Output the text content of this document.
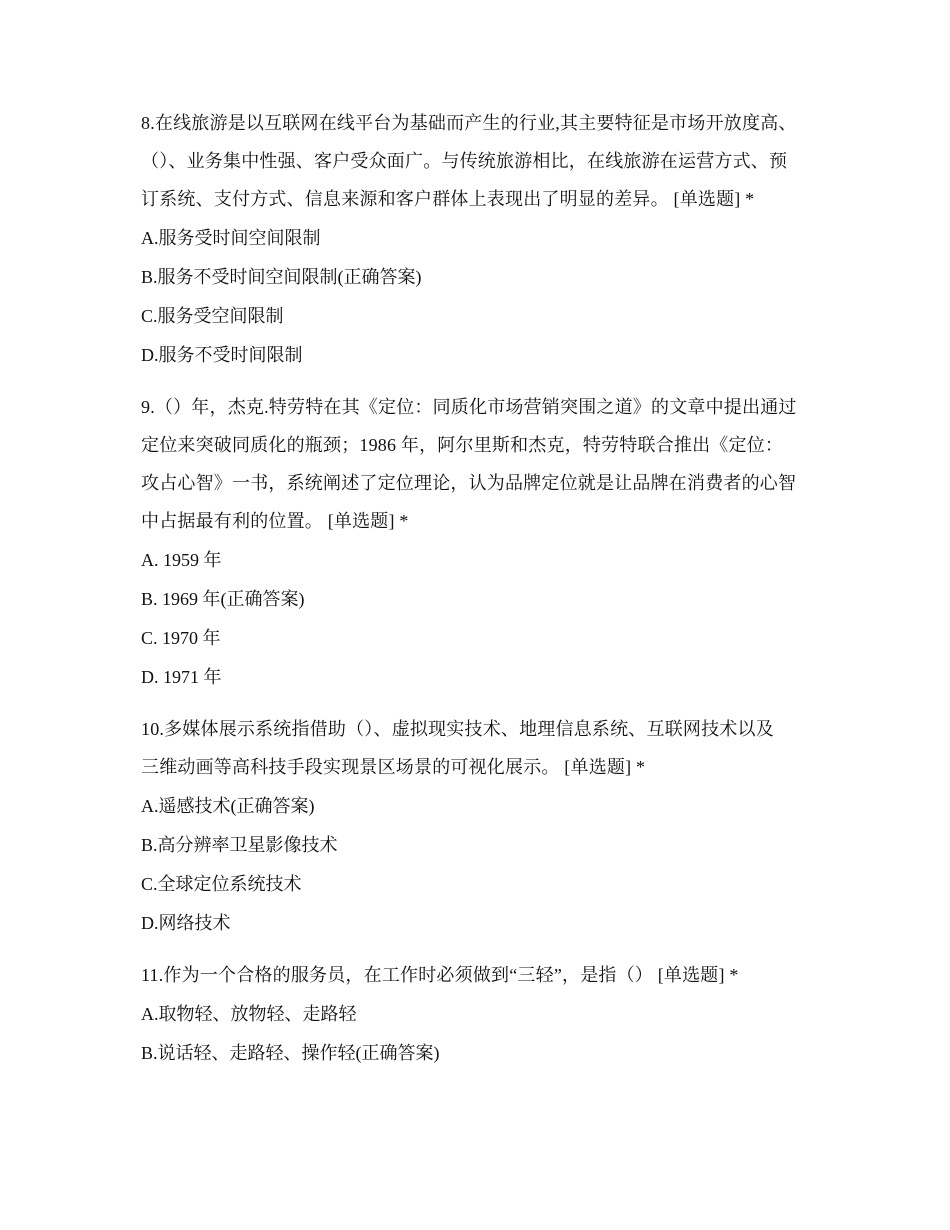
8.在线旅游是以互联网在线平台为基础而产生的行业,其主要特征是市场开放度高、
（）、业务集中性强、客户受众面广。与传统旅游相比，在线旅游在运营方式、预
订系统、支付方式、信息来源和客户群体上表现出了明显的差异。 [单选题] *
A.服务受时间空间限制
B.服务不受时间空间限制(正确答案)
C.服务受空间限制
D.服务不受时间限制
9.（）年，杰克.特劳特在其《定位：同质化市场营销突围之道》的文章中提出通过
定位来突破同质化的瓶颈；1986 年，阿尔里斯和杰克，特劳特联合推出《定位：
攻占心智》一书，系统阐述了定位理论，认为品牌定位就是让品牌在消费者的心智
中占据最有利的位置。 [单选题] *
A. 1959 年
B. 1969 年(正确答案)
C. 1970 年
D. 1971 年
10.多媒体展示系统指借助（）、虚拟现实技术、地理信息系统、互联网技术以及
三维动画等高科技手段实现景区场景的可视化展示。 [单选题] *
A.遥感技术(正确答案)
B.高分辨率卫星影像技术
C.全球定位系统技术
D.网络技术
11.作为一个合格的服务员，在工作时必须做到“三轻”，是指（） [单选题] *
A.取物轻、放物轻、走路轻
B.说话轻、走路轻、操作轻(正确答案)
